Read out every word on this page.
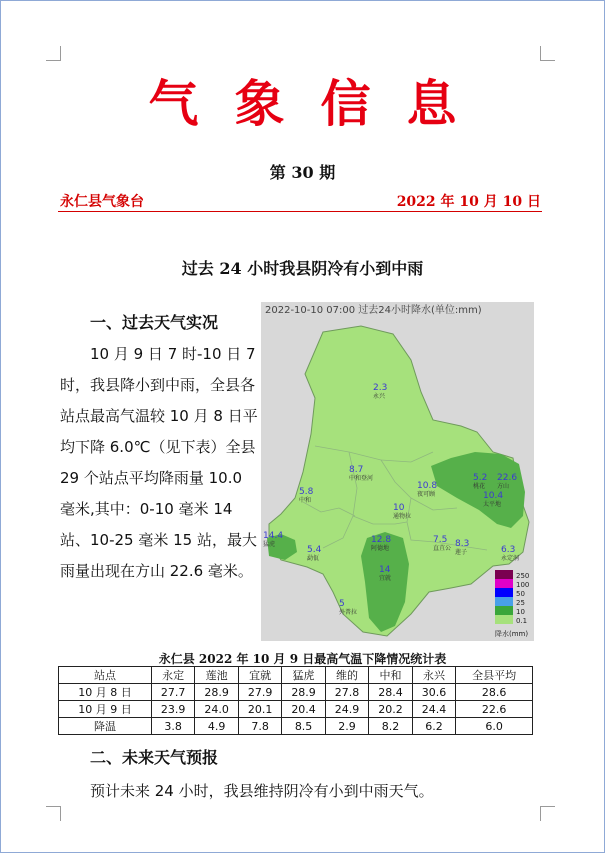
气象信息
第 30 期
永仁县气象台	2022 年 10 月 10 日
过去 24 小时我县阴冷有小到中雨
一、过去天气实况
10 月 9 日 7 时-10 日 7 时，我县降小到中雨，全县各站点最高气温较 10 月 8 日平均下降 6.0℃（见下表）全县 29 个站点平均降雨量 10.0 毫米,其中：0-10 毫米 14 站、10-25 毫米 15 站，最大雨量出现在方山 22.6 毫米。
2022-10-10 07:00 过去24小时降水(单位:mm)
2.3
永兴
8.7
中和登河
5.8
中和
10.8
夜可顾
5.2
桃花
22.6
方山
10.4
太平地
10
通物拉
14.4
猛虎
5.4
勐佤
12.8
阿德地
7.5
直苴公 8.3
莲子	6.3
永定洞
14
宜就
5
外普拉
250
100
50
25
10
0.1
降水(mm)
永仁县 2022 年 10 月 9 日最高气温下降情况统计表
站点	永定	莲池	宜就	猛虎	维的	中和	永兴	全县平均
10 月 8 日	27.7	28.9	27.9	28.9	27.8	28.4	30.6	28.6
10 月 9 日	23.9	24.0	20.1	20.4	24.9	20.2	24.4	22.6
降温	3.8	4.9	7.8	8.5	2.9	8.2	6.2	6.0
二、未来天气预报
预计未来 24 小时，我县维持阴冷有小到中雨天气。
